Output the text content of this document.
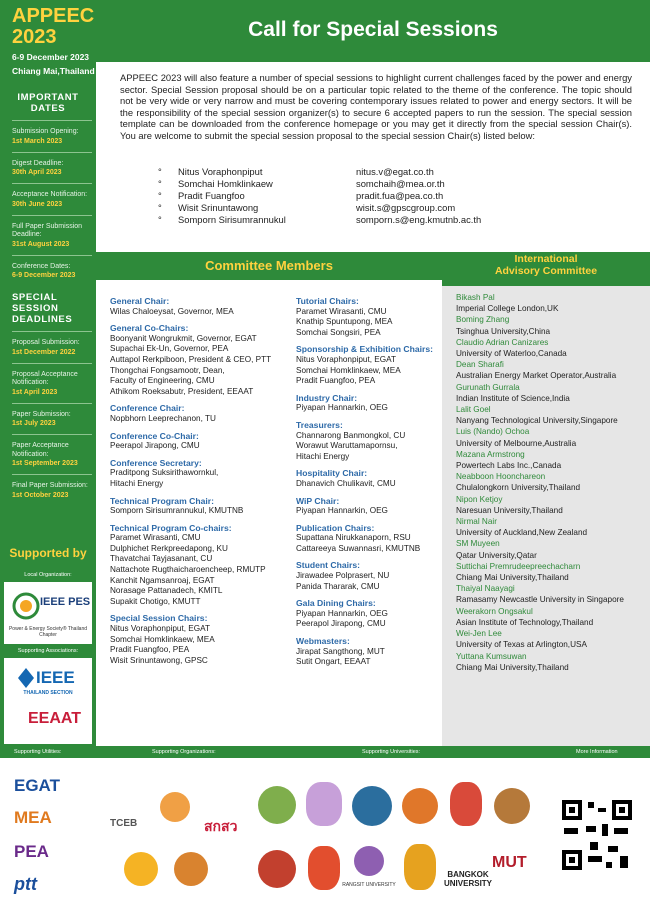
APPEEC
2023
6-9 December 2023
Chiang Mai,Thailand
IMPORTANT
DATES
Submission Opening:
1st March 2023
Digest Deadline:
30th April 2023
Acceptance Notification:
30th June 2023
Full Paper Submission Deadline:
31st August 2023
Conference Dates:
6-9 December 2023
SPECIAL SESSION
DEADLINES
Proposal Submission:
1st December 2022
Proposal Acceptance Notification:
1st April 2023
Paper Submission:
1st July 2023
Paper Acceptance Notification:
1st September 2023
Final Paper Submission:
1st October 2023
Call for Special Sessions
APPEEC 2023 will also feature a number of special sessions to highlight current challenges faced by the power and energy sector. Special Session proposal should be on a particular topic related to the theme of the conference. The topic should not be very wide or very narrow and must be covering contemporary issues related to power and energy sectors. It will be the responsibility of the special session organizer(s) to secure 6 accepted papers to run the session. The special session template can be downloaded from the conference homepage or you may get it directly from the special session Chair(s). You are welcome to submit the special session proposal to the special session Chair(s) listed below:
°	Nitus Voraphonpiput	nitus.v@egat.co.th
°	Somchai Homklinkaew	somchaih@mea.or.th
°	Pradit Fuangfoo	pradit.fua@pea.co.th
°	Wisit Srinuntawong	wisit.s@gpscgroup.com
°	Somporn Sirisumrannukul	somporn.s@eng.kmutnb.ac.th
Committee Members	International
Advisory Committee
General Chair:
Wilas Chaloeysat, Governor, MEA
General Co-Chairs:
Boonyanit Wongrukmit, Governor, EGAT
Supachai Ek-Un, Governor, PEA
Auttapol Rerkpiboon, President & CEO, PTT
Thongchai Fongsamootr, Dean,
Faculty of Engineering, CMU
Athikom Roeksabutr, President, EEAAT
Conference Chair:
Nopbhorn Leeprechanon, TU
Conference Co-Chair:
Peerapol Jirapong, CMU
Conference Secretary:
Praditpong Suksirithawornkul,
Hitachi Energy
Technical Program Chair:
Somporn Sirisumrannukul, KMUTNB
Technical Program Co-chairs:
Paramet Wirasanti, CMU
Dulphichet Rerkpreedapong, KU
Thavatchai Tayjasanant, CU
Nattachote Rugthaicharoencheep, RMUTP
Kanchit Ngamsanroaj, EGAT
Norasage Pattanadech, KMITL
Supakit Chotigo, KMUTT
Special Session Chairs:
Nitus Voraphonpiput, EGAT
Somchai Homklinkaew, MEA
Pradit Fuangfoo, PEA
Wisit Srinuntawong, GPSC
Tutorial Chairs:
Paramet Wirasanti, CMU
Knathip Spuntupong, MEA
Somchai Songsiri, PEA
Sponsorship & Exhibition Chairs:
Nitus Voraphonpiput, EGAT
Somchai Homklinkaew, MEA
Pradit Fuangfoo, PEA
Industry Chair:
Piyapan Hannarkin, OEG
Treasurers:
Channarong Banmongkol, CU
Worawut Waruttamapornsu,
Hitachi Energy
Hospitality Chair:
Dhanavich Chulikavit, CMU
WiP Chair:
Piyapan Hannarkin, OEG
Publication Chairs:
Supattana Nirukkanaporn, RSU
Cattareeya Suwannasri, KMUTNB
Student Chairs:
Jirawadee Polprasert, NU
Panida Thararak, CMU
Gala Dining Chairs:
Piyapan Hannarkin, OEG
Peerapol Jirapong, CMU
Webmasters:
Jirapat Sangthong, MUT
Sutit Ongart, EEAAT
Bikash Pal
Imperial College London,UK
Boming Zhang
Tsinghua University,China
Claudio Adrian Canizares
University of Waterloo,Canada
Dean Sharafi
Australian Energy Market Operator,Australia
Gurunath Gurrala
Indian Institute of Science,India
Lalit Goel
Nanyang Technological University,Singapore
Luis (Nando) Ochoa
University of Melbourne,Australia
Mazana Armstrong
Powertech Labs Inc.,Canada
Neabboon Hoonchareon
Chulalongkorn University,Thailand
Nipon Ketjoy
Naresuan University,Thailand
Nirmal Nair
University of Auckland,New Zealand
SM Muyeen
Qatar University,Qatar
Suttichai Premrudeepreechacharn
Chiang Mai University,Thailand
Thaiyal Naayagi
Ramasamy Newcastle University in Singapore
Weerakorn Ongsakul
Asian Institute of Technology,Thailand
Wei-Jen Lee
University of Texas at Arlington,USA
Yuttana Kumsuwan
Chiang Mai University,Thailand
Supported by
Local Organization:
IEEE PES
Power & Energy Society® Thailand Chapter
Supporting Associations:
IEEE
THAILAND SECTION
EEAAT
Supporting Utilities:	Supporting Organizations:	Supporting Universities:	More Information
EGAT
MEA
PEA
ptt
TCEB	สกสว
RANGSIT UNIVERSITY
BANGKOK UNIVERSITY
MUT
